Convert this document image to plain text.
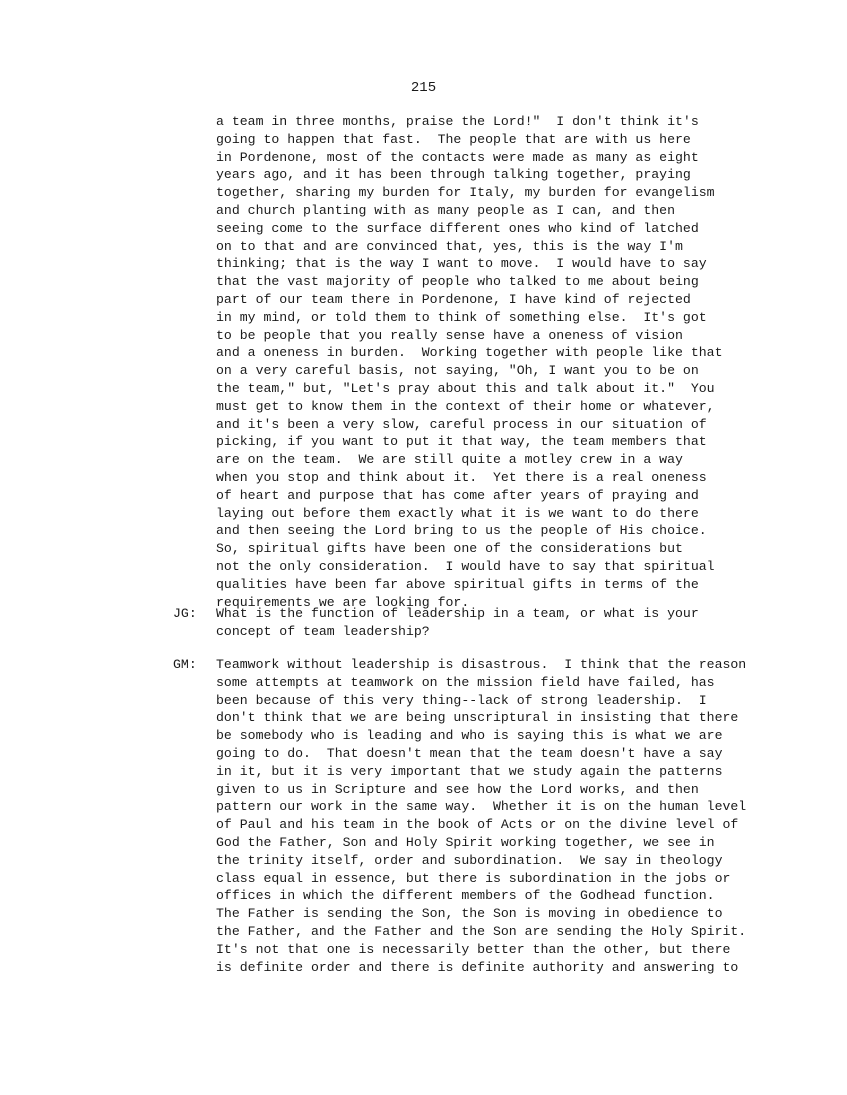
215
a team in three months, praise the Lord!"  I don't think it's
going to happen that fast.  The people that are with us here
in Pordenone, most of the contacts were made as many as eight
years ago, and it has been through talking together, praying
together, sharing my burden for Italy, my burden for evangelism
and church planting with as many people as I can, and then
seeing come to the surface different ones who kind of latched
on to that and are convinced that, yes, this is the way I'm
thinking; that is the way I want to move.  I would have to say
that the vast majority of people who talked to me about being
part of our team there in Pordenone, I have kind of rejected
in my mind, or told them to think of something else.  It's got
to be people that you really sense have a oneness of vision
and a oneness in burden.  Working together with people like that
on a very careful basis, not saying, "Oh, I want you to be on
the team," but, "Let's pray about this and talk about it."  You
must get to know them in the context of their home or whatever,
and it's been a very slow, careful process in our situation of
picking, if you want to put it that way, the team members that
are on the team.  We are still quite a motley crew in a way
when you stop and think about it.  Yet there is a real oneness
of heart and purpose that has come after years of praying and
laying out before them exactly what it is we want to do there
and then seeing the Lord bring to us the people of His choice.
So, spiritual gifts have been one of the considerations but
not the only consideration.  I would have to say that spiritual
qualities have been far above spiritual gifts in terms of the
requirements we are looking for.
JG: What is the function of leadership in a team, or what is your
concept of team leadership?
GM: Teamwork without leadership is disastrous.  I think that the reason
some attempts at teamwork on the mission field have failed, has
been because of this very thing--lack of strong leadership.  I
don't think that we are being unscriptural in insisting that there
be somebody who is leading and who is saying this is what we are
going to do.  That doesn't mean that the team doesn't have a say
in it, but it is very important that we study again the patterns
given to us in Scripture and see how the Lord works, and then
pattern our work in the same way.  Whether it is on the human level
of Paul and his team in the book of Acts or on the divine level of
God the Father, Son and Holy Spirit working together, we see in
the trinity itself, order and subordination.  We say in theology
class equal in essence, but there is subordination in the jobs or
offices in which the different members of the Godhead function.
The Father is sending the Son, the Son is moving in obedience to
the Father, and the Father and the Son are sending the Holy Spirit.
It's not that one is necessarily better than the other, but there
is definite order and there is definite authority and answering to
